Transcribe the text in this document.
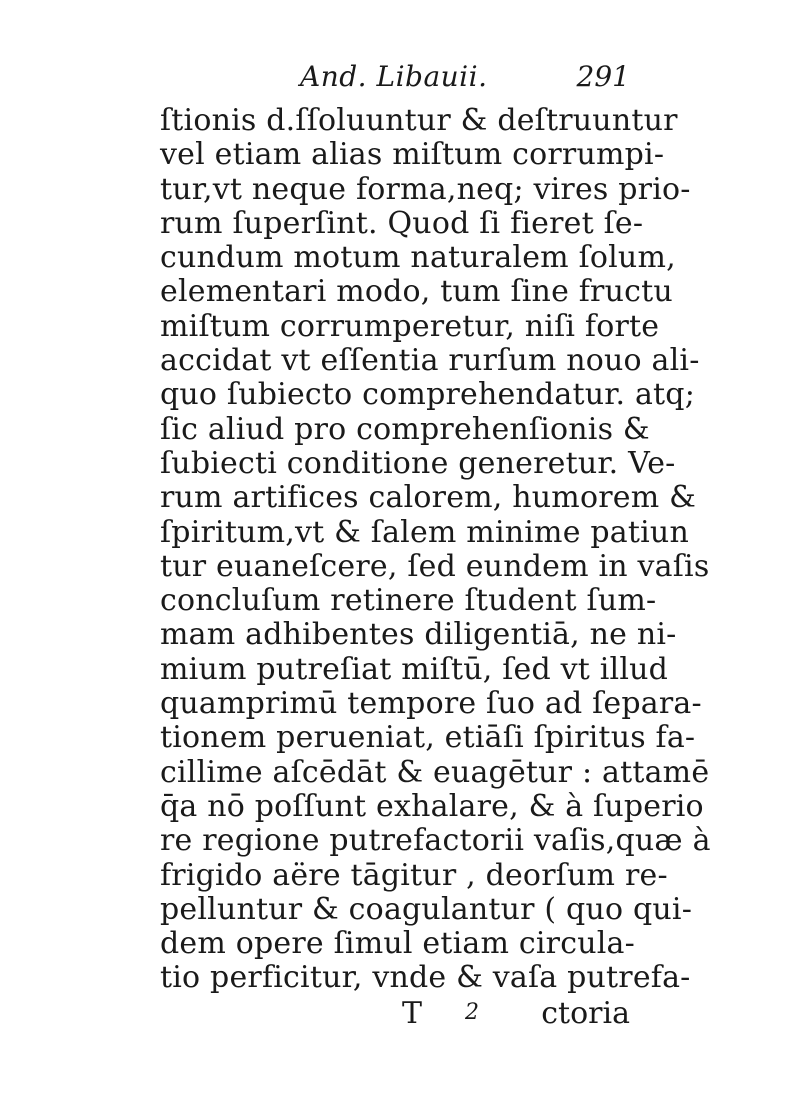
And. Libauii.	291
ſtionis d.ſſoluuntur & deſtruuntur
vel etiam alias miſtum corrumpi-
tur,vt neque forma,neq; vires prio-
rum ſuperſint. Quod ſi fieret ſe-
cundum motum naturalem ſolum,
elementari modo, tum ſine fructu
miſtum corrumperetur, niſi forte
accidat vt eſſentia rurſum nouo ali-
quo ſubiecto comprehendatur. atq;
ſic aliud pro comprehenſionis &
ſubiecti conditione generetur. Ve-
rum artifices calorem, humorem &
ſpiritum,vt & ſalem minime patiun
tur euaneſcere, ſed eundem in vaſis
concluſum retinere ſtudent ſum-
mam adhibentes diligentiā, ne ni-
mium putreſiat miſtū, ſed vt illud
quamprimū tempore ſuo ad ſepara-
tionem perueniat, etiāſi ſpiritus fa-
cillime aſcēdāt & euagētur : attamē
q̄a nō poſſunt exhalare, & à ſuperio
re regione putrefactorii vaſis,quæ à
frigido aëre tāgitur , deorſum re-
pelluntur & coagulantur ( quo qui-
dem opere ſimul etiam circula-
tio perficitur, vnde & vaſa putrefa-
T 2 ctoria
